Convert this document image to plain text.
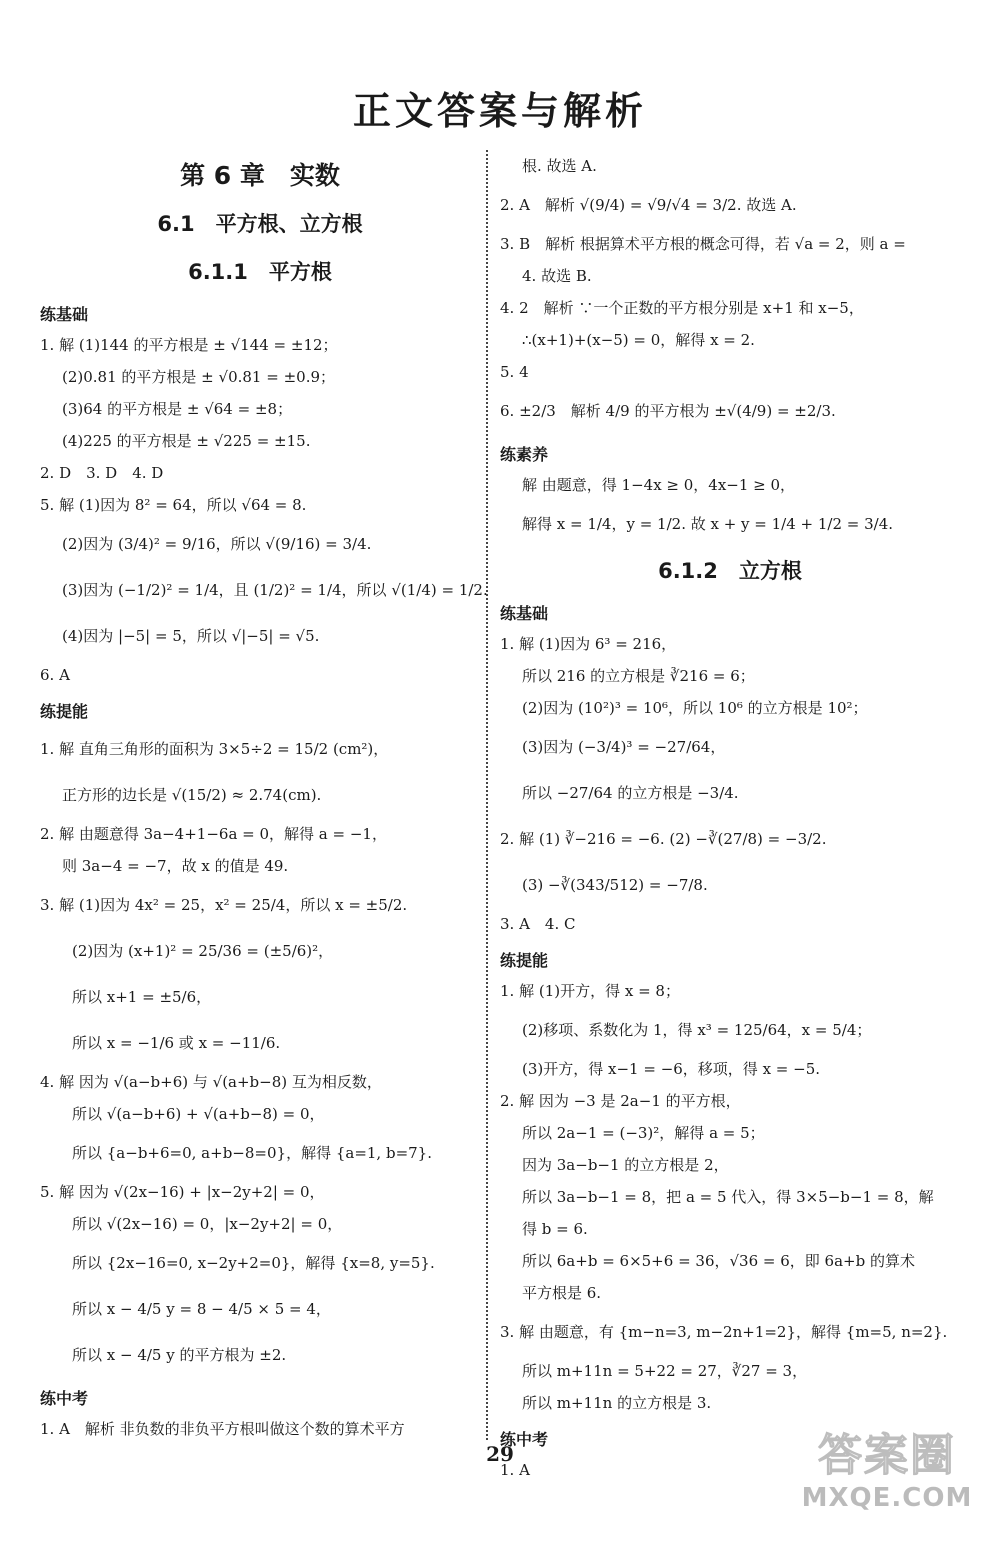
正文答案与解析
第 6 章　实数
6.1　平方根、立方根
6.1.1　平方根
练基础
1. 解 (1)144 的平方根是 ± √144 = ±12；
(2)0.81 的平方根是 ± √0.81 = ±0.9；
(3)64 的平方根是 ± √64 = ±8；
(4)225 的平方根是 ± √225 = ±15.
2. D　3. D　4. D
5. 解 (1)因为 8² = 64，所以 √64 = 8.
(2)因为 (3/4)² = 9/16，所以 √(9/16) = 3/4.
(3)因为 (−1/2)² = 1/4，且 (1/2)² = 1/4，所以 √(1/4) = 1/2.
(4)因为 |−5| = 5，所以 √|−5| = √5.
6. A
练提能
1. 解 直角三角形的面积为 3×5÷2 = 15/2 (cm²)，
正方形的边长是 √(15/2) ≈ 2.74(cm).
2. 解 由题意得 3a−4+1−6a = 0，解得 a = −1，
则 3a−4 = −7，故 x 的值是 49.
3. 解 (1)因为 4x² = 25，x² = 25/4，所以 x = ±5/2.
(2)因为 (x+1)² = 25/36 = (±5/6)²，
所以 x+1 = ±5/6，
所以 x = −1/6 或 x = −11/6.
4. 解 因为 √(a−b+6) 与 √(a+b−8) 互为相反数，
所以 √(a−b+6) + √(a+b−8) = 0，
所以 {a−b+6=0, a+b−8=0}，解得 {a=1, b=7}.
5. 解 因为 √(2x−16) + |x−2y+2| = 0，
所以 √(2x−16) = 0，|x−2y+2| = 0，
所以 {2x−16=0, x−2y+2=0}，解得 {x=8, y=5}.
所以 x − 4/5 y = 8 − 4/5 × 5 = 4，
所以 x − 4/5 y 的平方根为 ±2.
练中考
1. A　解析 非负数的非负平方根叫做这个数的算术平方
根. 故选 A.
2. A　解析 √(9/4) = √9/√4 = 3/2. 故选 A.
3. B　解析 根据算术平方根的概念可得，若 √a = 2，则 a =
4. 故选 B.
4. 2　解析 ∵一个正数的平方根分别是 x+1 和 x−5，
∴(x+1)+(x−5) = 0，解得 x = 2.
5. 4
6. ±2/3　解析 4/9 的平方根为 ±√(4/9) = ±2/3.
练素养
解 由题意，得 1−4x ≥ 0，4x−1 ≥ 0，
解得 x = 1/4，y = 1/2. 故 x + y = 1/4 + 1/2 = 3/4.
6.1.2　立方根
练基础
1. 解 (1)因为 6³ = 216，
所以 216 的立方根是 ∛216 = 6；
(2)因为 (10²)³ = 10⁶，所以 10⁶ 的立方根是 10²；
(3)因为 (−3/4)³ = −27/64，
所以 −27/64 的立方根是 −3/4.
2. 解 (1) ∛−216 = −6. (2) −∛(27/8) = −3/2.
(3) −∛(343/512) = −7/8.
3. A　4. C
练提能
1. 解 (1)开方，得 x = 8；
(2)移项、系数化为 1，得 x³ = 125/64，x = 5/4；
(3)开方，得 x−1 = −6，移项，得 x = −5.
2. 解 因为 −3 是 2a−1 的平方根，
所以 2a−1 = (−3)²，解得 a = 5；
因为 3a−b−1 的立方根是 2，
所以 3a−b−1 = 8，把 a = 5 代入，得 3×5−b−1 = 8，解
得 b = 6.
所以 6a+b = 6×5+6 = 36，√36 = 6，即 6a+b 的算术
平方根是 6.
3. 解 由题意，有 {m−n=3, m−2n+1=2}，解得 {m=5, n=2}.
所以 m+11n = 5+22 = 27，∛27 = 3，
所以 m+11n 的立方根是 3.
练中考
1. A
29	答案圈
MXQE.COM
